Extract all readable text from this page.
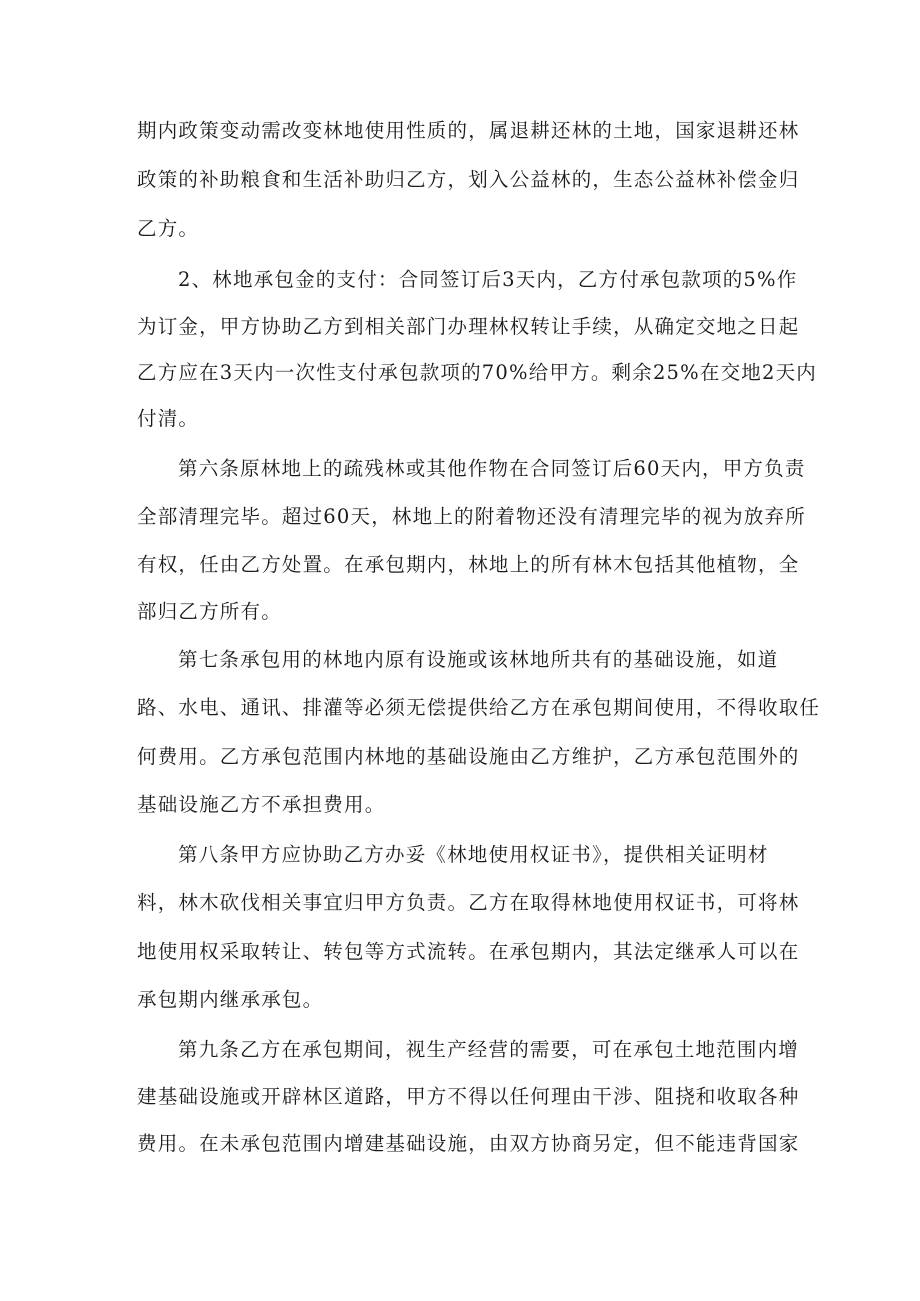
期内政策变动需改变林地使用性质的，属退耕还林的土地，国家退耕还林
政策的补助粮食和生活补助归乙方，划入公益林的，生态公益林补偿金归
乙方。
2、林地承包金的支付：合同签订后3天内，乙方付承包款项的5%作
为订金，甲方协助乙方到相关部门办理林权转让手续，从确定交地之日起
乙方应在3天内一次性支付承包款项的70%给甲方。剩余25%在交地2天内
付清。
第六条原林地上的疏残林或其他作物在合同签订后60天内，甲方负责
全部清理完毕。超过60天，林地上的附着物还没有清理完毕的视为放弃所
有权，任由乙方处置。在承包期内，林地上的所有林木包括其他植物，全
部归乙方所有。
第七条承包用的林地内原有设施或该林地所共有的基础设施，如道
路、水电、通讯、排灌等必须无偿提供给乙方在承包期间使用，不得收取任
何费用。乙方承包范围内林地的基础设施由乙方维护，乙方承包范围外的
基础设施乙方不承担费用。
第八条甲方应协助乙方办妥《林地使用权证书》，提供相关证明材
料，林木砍伐相关事宜归甲方负责。乙方在取得林地使用权证书，可将林
地使用权采取转让、转包等方式流转。在承包期内，其法定继承人可以在
承包期内继承承包。
第九条乙方在承包期间，视生产经营的需要，可在承包土地范围内增
建基础设施或开辟林区道路，甲方不得以任何理由干涉、阻挠和收取各种
费用。在未承包范围内增建基础设施，由双方协商另定，但不能违背国家
